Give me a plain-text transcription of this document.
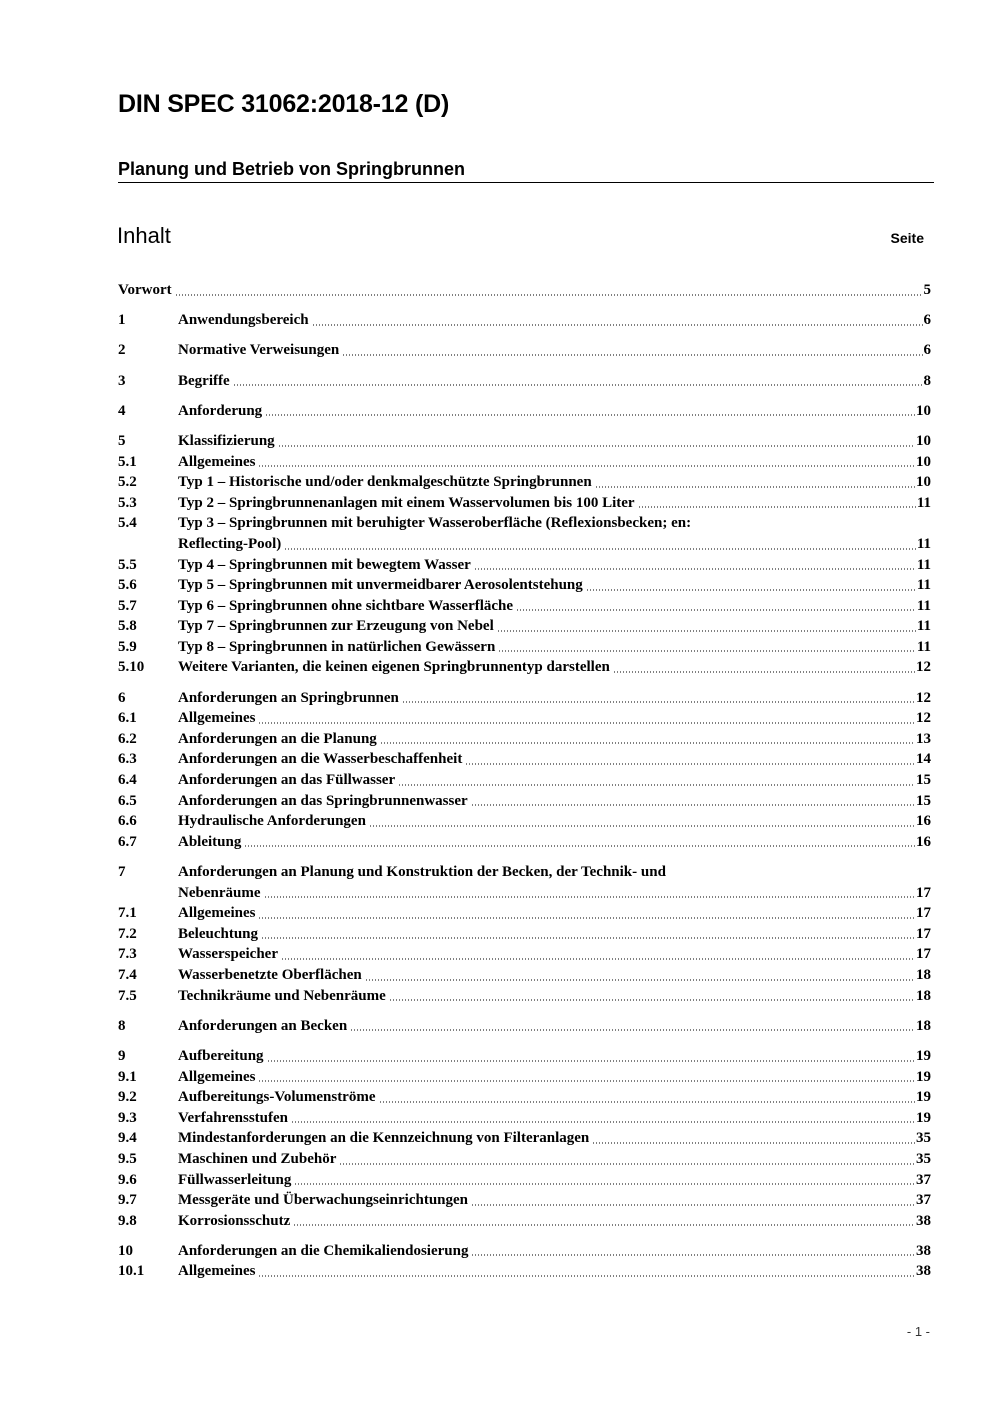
DIN SPEC 31062:2018-12 (D)
Planung und Betrieb von Springbrunnen
Inhalt	Seite
Vorwort	5
1	Anwendungsbereich	6
2	Normative Verweisungen	6
3	Begriffe	8
4	Anforderung	10
5	Klassifizierung	10
5.1	Allgemeines	10
5.2	Typ 1 – Historische und/oder denkmalgeschützte Springbrunnen	10
5.3	Typ 2 – Springbrunnenanlagen mit einem Wasservolumen bis 100 Liter	11
5.4	Typ 3 – Springbrunnen mit beruhigter Wasseroberfläche (Reflexionsbecken; en:
Reflecting-Pool)	11
5.5	Typ 4 – Springbrunnen mit bewegtem Wasser	11
5.6	Typ 5 – Springbrunnen mit unvermeidbarer Aerosolentstehung	11
5.7	Typ 6 – Springbrunnen ohne sichtbare Wasserfläche	11
5.8	Typ 7 – Springbrunnen zur Erzeugung von Nebel	11
5.9	Typ 8 – Springbrunnen in natürlichen Gewässern	11
5.10	Weitere Varianten, die keinen eigenen Springbrunnentyp darstellen	12
6	Anforderungen an Springbrunnen	12
6.1	Allgemeines	12
6.2	Anforderungen an die Planung	13
6.3	Anforderungen an die Wasserbeschaffenheit	14
6.4	Anforderungen an das Füllwasser	15
6.5	Anforderungen an das Springbrunnenwasser	15
6.6	Hydraulische Anforderungen	16
6.7	Ableitung	16
7	Anforderungen an Planung und Konstruktion der Becken, der Technik- und
Nebenräume	17
7.1	Allgemeines	17
7.2	Beleuchtung	17
7.3	Wasserspeicher	17
7.4	Wasserbenetzte Oberflächen	18
7.5	Technikräume und Nebenräume	18
8	Anforderungen an Becken	18
9	Aufbereitung	19
9.1	Allgemeines	19
9.2	Aufbereitungs-Volumenströme	19
9.3	Verfahrensstufen	19
9.4	Mindestanforderungen an die Kennzeichnung von Filteranlagen	35
9.5	Maschinen und Zubehör	35
9.6	Füllwasserleitung	37
9.7	Messgeräte und Überwachungseinrichtungen	37
9.8	Korrosionsschutz	38
10	Anforderungen an die Chemikaliendosierung	38
10.1	Allgemeines	38
- 1 -
